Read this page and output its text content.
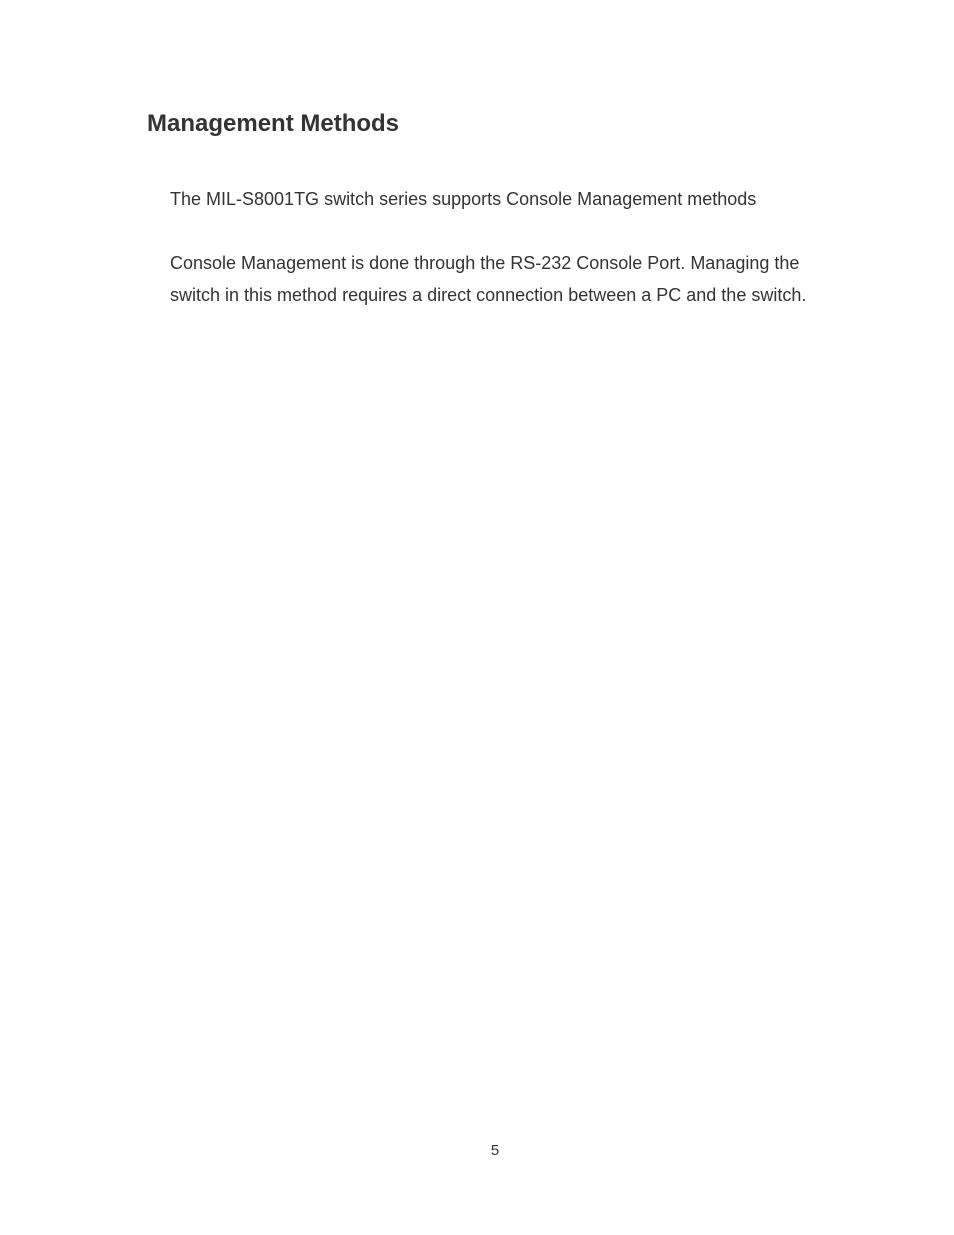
Management Methods

The MIL-S8001TG switch series supports Console Management methods

Console Management is done through the RS-232 Console Port. Managing the switch in this method requires a direct connection between a PC and the switch.

5
